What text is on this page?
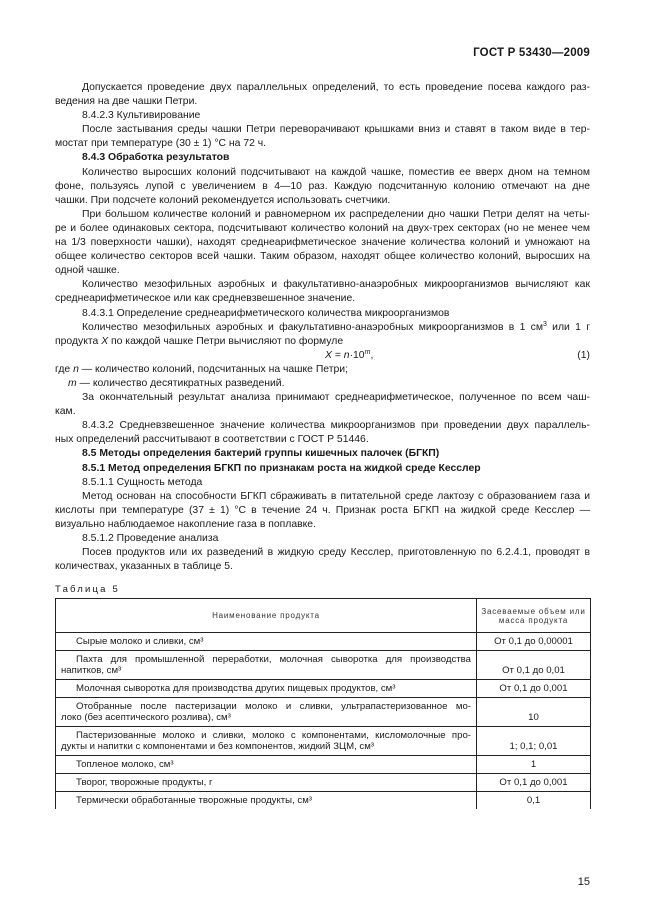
ГОСТ Р 53430—2009
Допускается проведение двух параллельных определений, то есть проведение посева каждого раз-
ведения на две чашки Петри.
8.4.2.3 Культивирование
После застывания среды чашки Петри переворачивают крышками вниз и ставят в таком виде в тер-
мостат при температуре (30 ± 1) °С на 72 ч.
8.4.3 Обработка результатов
Количество выросших колоний подсчитывают на каждой чашке, поместив ее вверх дном на темном
фоне, пользуясь лупой с увеличением в 4—10 раз. Каждую подсчитанную колонию отмечают на дне
чашки. При подсчете колоний рекомендуется использовать счетчики.
При большом количестве колоний и равномерном их распределении дно чашки Петри делят на четы-
ре и более одинаковых сектора, подсчитывают количество колоний на двух-трех секторах (но не менее чем
на 1/3 поверхности чашки), находят среднеарифметическое значение количества колоний и умножают на
общее количество секторов всей чашки. Таким образом, находят общее количество колоний, выросших на
одной чашке.
Количество мезофильных аэробных и факультативно-анаэробных микроорганизмов вычисляют как
среднеарифметическое или как средневзвешенное значение.
8.4.3.1 Определение среднеарифметического количества микроорганизмов
Количество мезофильных аэробных и факультативно-анаэробных микроорганизмов в 1 $см^3$ или 1 г
продукта X по каждой чашке Петри вычисляют по формуле
$X = n\cdot 10^m$,	(1)
где n — количество колоний, подсчитанных на чашке Петри;
m — количество десятикратных разведений.
За окончательный результат анализа принимают среднеарифметическое, полученное по всем чаш-
кам.
8.4.3.2 Средневзвешенное значение количества микроорганизмов при проведении двух параллель-
ных определений рассчитывают в соответствии с ГОСТ Р 51446.
8.5 Методы определения бактерий группы кишечных палочек (БГКП)
8.5.1 Метод определения БГКП по признакам роста на жидкой среде Кесслер
8.5.1.1 Сущность метода
Метод основан на способности БГКП сбраживать в питательной среде лактозу с образованием газа и
кислоты при температуре (37 ± 1) °С в течение 24 ч. Признак роста БГКП на жидкой среде Кесслер —
визуально наблюдаемое накопление газа в поплавке.
8.5.1.2 Проведение анализа
Посев продуктов или их разведений в жидкую среду Кесслер, приготовленную по 6.2.4.1, проводят в
количествах, указанных в таблице 5.
Таблица 5
Наименование продукта	Засеваемые объем или
масса продукта

Сырые молоко и сливки, см³	От 0,1 до 0,00001

Пахта для промышленной переработки, молочная сыворотка для производства
напитков, см³	От 0,1 до 0,01

Молочная сыворотка для производства других пищевых продуктов, см³	От 0,1 до 0,001

Отобранные после пастеризации молоко и сливки, ультрапастеризованное мо-
локо (без асептического розлива), см³	10

Пастеризованные молоко и сливки, молоко с компонентами, кисломолочные про-
дукты и напитки с компонентами и без компонентов, жидкий ЗЦМ, см³	1; 0,1; 0,01

Топленое молоко, см³	1

Творог, творожные продукты, г	От 0,1 до 0,001

Термически обработанные творожные продукты, см³	0,1
15
